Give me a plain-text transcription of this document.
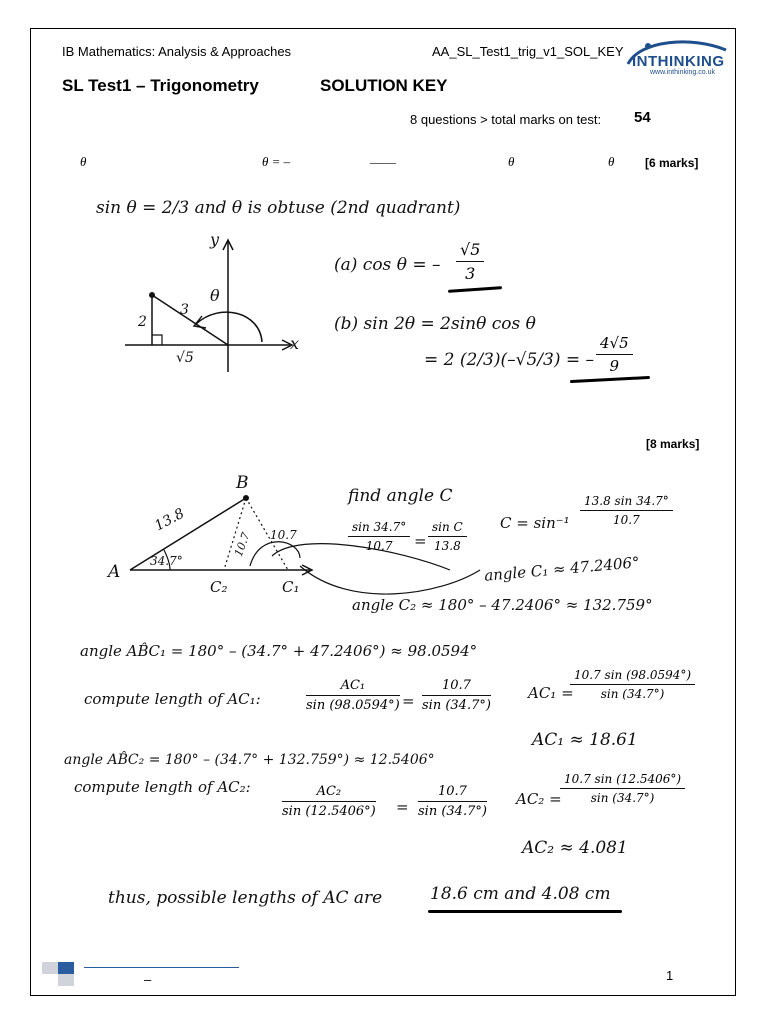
IB Mathematics: Analysis & Approaches	AA_SL_Test1_trig_v1_SOL_KEY
INTHINKING
www.inthinking.co.uk
SL Test1 – Trigonometry	SOLUTION KEY
8 questions > total marks on test: 54
θ	θ = –	____	θ	θ	[6 marks]
sin θ = 2/3 and θ is obtuse (2nd quadrant)
y
x
θ
3
2
√5
(a) cos θ = – $\frac{√5}{3}$
(b) sin 2θ = 2sinθ cos θ
= 2 (2/3)(–√5/3) = – $\frac{4√5}{9}$
[8 marks]
A
B
C₂	C₁
13.8
10.7
34.7°
10.7
find angle C
$\frac{\sin 34.7^\circ}{10.7} = \frac{\text{sin C}}{13.8}$ $C = \sin^{-1} \frac{13.8 \sin 34.7^\circ}{10.7}$
angle C₁ ≈ 47.2406°
angle C₂ ≈ 180° – 47.2406° ≈ 132.759°
angle AB̂C₁ = 180° – (34.7° + 47.2406°) ≈ 98.0594°
compute length of AC₁:	$\frac{\text{AC₁}}{\sin (98.0594^\circ)} = \frac{10.7}{\sin (34.7^\circ)} AC_1$ =
$\frac{10.7 \sin (98.0594^\circ)}{\sin (34.7^\circ)}$
AC₁ ≈ 18.61
angle AB̂C₂ = 180° – (34.7° + 132.759°) ≈ 12.5406°
compute length of AC₂: $\frac{\text{AC₂}}{\sin (12.5406^\circ)} = \frac{10.7}{\sin (34.7^\circ)} AC_2$ =
$\frac{10.7 \sin (12.5406^\circ)}{\sin (34.7^\circ)}$
AC₂ ≈ 4.081
thus, possible lengths of AC are	18.6 cm and 4.08 cm
–	1
